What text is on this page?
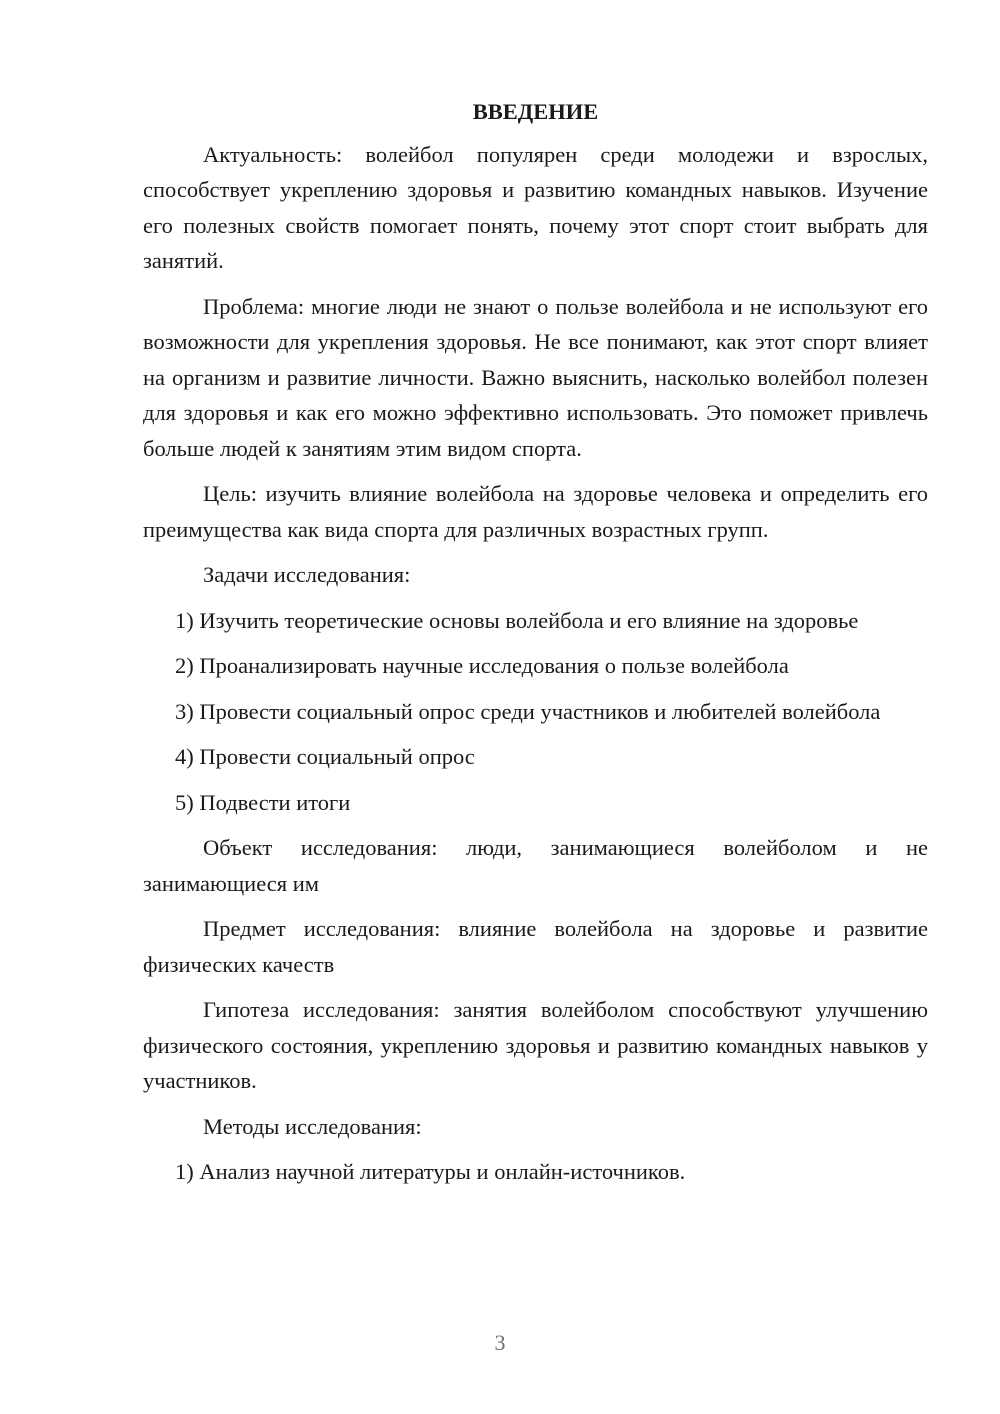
ВВЕДЕНИЕ

Актуальность: волейбол популярен среди молодежи и взрослых, способствует укреплению здоровья и развитию командных навыков. Изучение его полезных свойств помогает понять, почему этот спорт стоит выбрать для занятий.

Проблема: многие люди не знают о пользе волейбола и не используют его возможности для укрепления здоровья. Не все понимают, как этот спорт влияет на организм и развитие личности. Важно выяснить, насколько волейбол полезен для здоровья и как его можно эффективно использовать. Это поможет привлечь больше людей к занятиям этим видом спорта.

Цель: изучить влияние волейбола на здоровье человека и определить его преимущества как вида спорта для различных возрастных групп.

Задачи исследования:

1) Изучить теоретические основы волейбола и его влияние на здоровье

2) Проанализировать научные исследования о пользе волейбола

3) Провести социальный опрос среди участников и любителей волейбола

4) Провести социальный опрос

5) Подвести итоги

Объект исследования: люди, занимающиеся волейболом и не занимающиеся им

Предмет исследования: влияние волейбола на здоровье и развитие физических качеств

Гипотеза исследования: занятия волейболом способствуют улучшению физического состояния, укреплению здоровья и развитию командных навыков у участников.

Методы исследования:

1) Анализ научной литературы и онлайн-источников.

3
